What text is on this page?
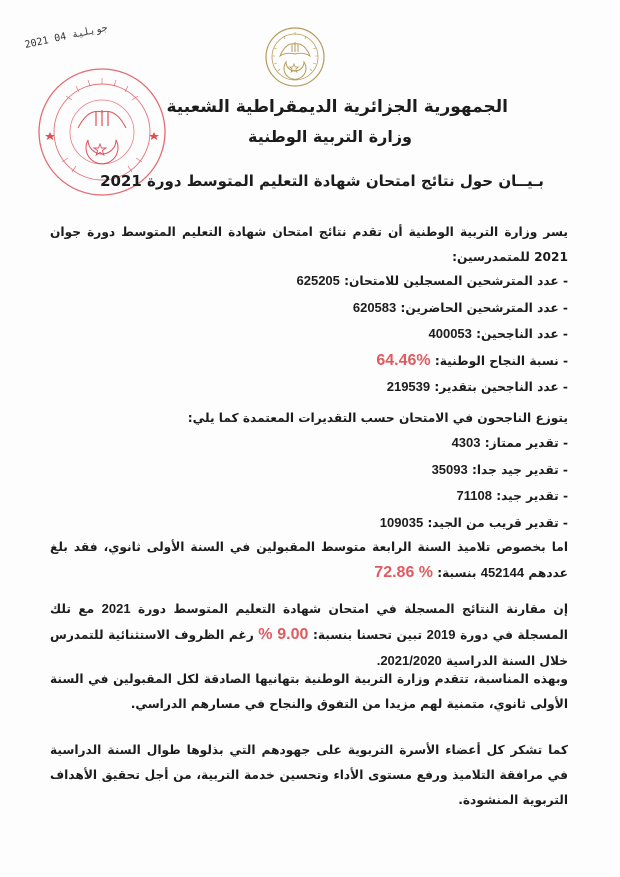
2021 جويلية 04
الجمهورية الجزائرية الديمقراطية الشعبية
وزارة التربية الوطنية
بـيــان حول نتائج امتحان شهادة التعليم المتوسط دورة 2021
يسر وزارة التربية الوطنية أن تقدم نتائج امتحان شهادة التعليم المتوسط دورة جوان 2021 للمتمدرسين:
- عدد المترشحين المسجلين للامتحان: 625205
- عدد المترشحين الحاضرين: 620583
- عدد الناجحين: 400053
- نسبة النجاح الوطنية: %64.46
- عدد الناجحين بتقدير: 219539
يتوزع الناجحون في الامتحان حسب التقديرات المعتمدة كما يلي:
- تقدير ممتاز: 4303
- تقدير جيد جدا: 35093
- تقدير جيد: 71108
- تقدير قريب من الجيد: 109035
اما بخصوص تلاميذ السنة الرابعة متوسط المقبولين في السنة الأولى ثانوي، فقد بلغ عددهم 452144 بنسبة: % 72.86
إن مقارنة النتائج المسجلة في امتحان شهادة التعليم المتوسط دورة 2021 مع تلك المسجلة في دورة 2019 تبين تحسنا بنسبة: 9.00 % رغم الظروف الاستثنائية للتمدرس خلال السنة الدراسية 2021/2020.
وبهذه المناسبة، تتقدم وزارة التربية الوطنية بتهانيها الصادقة لكل المقبولين في السنة الأولى ثانوي، متمنية لهم مزيدا من التفوق والنجاح في مسارهم الدراسي.
كما تشكر كل أعضاء الأسرة التربوية على جهودهم التي بذلوها طوال السنة الدراسية في مرافقة التلاميذ ورفع مستوى الأداء وتحسين خدمة التربية، من أجل تحقيق الأهداف التربوية المنشودة.
